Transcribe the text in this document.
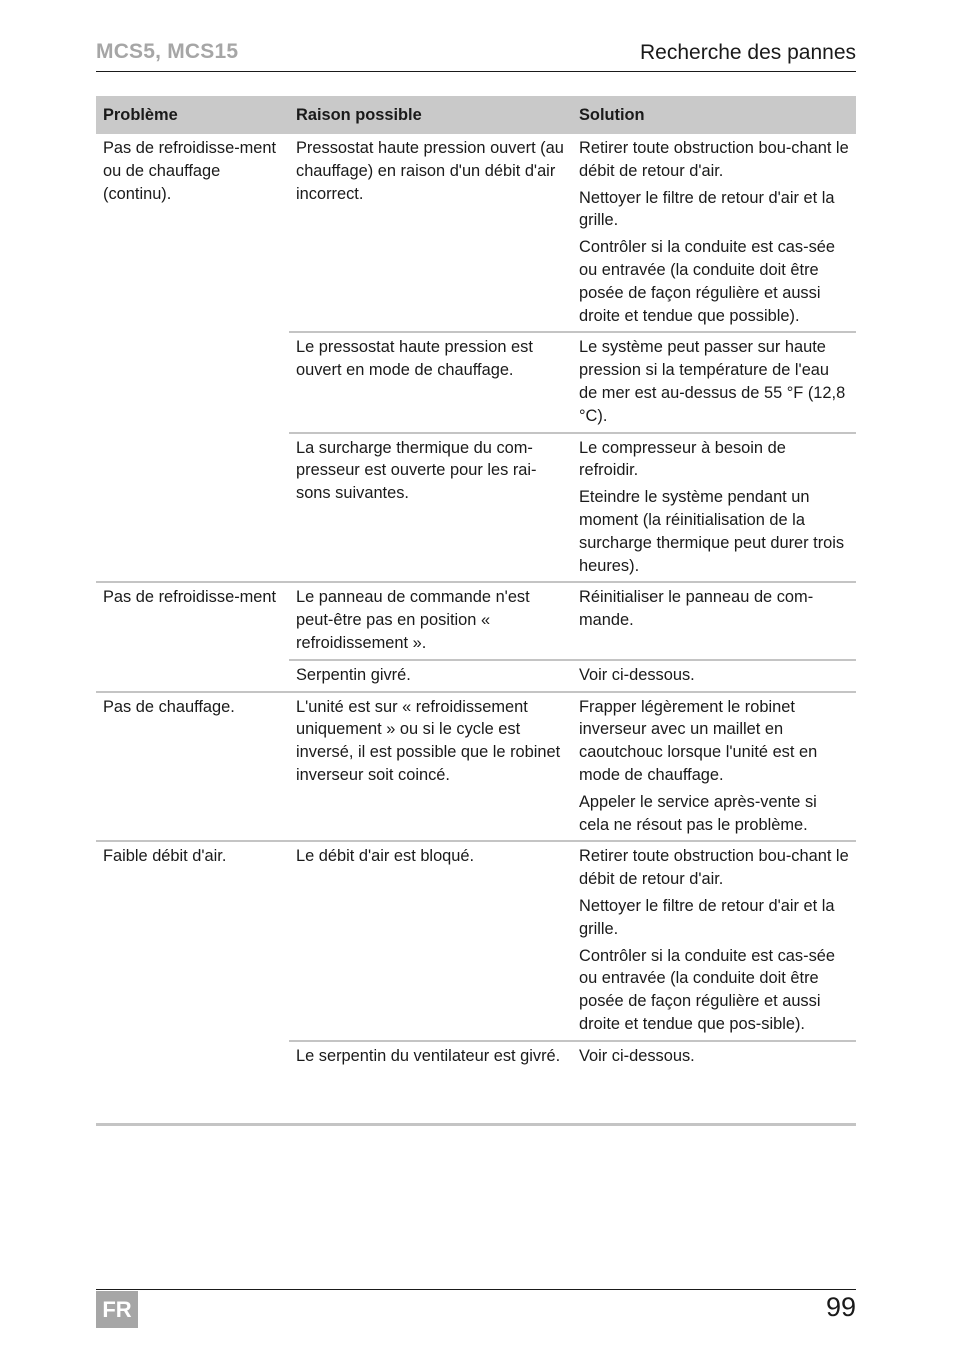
MCS5, MCS15	Recherche des pannes
Problème	Raison possible	Solution
Pas de refroidisse-ment ou de chauffage (continu).	Pressostat haute pression ouvert (au chauffage) en raison d'un débit d'air incorrect.	Retirer toute obstruction bou-chant le débit de retour d'air.

Nettoyer le filtre de retour d'air et la grille.

Contrôler si la conduite est cas-sée ou entravée (la conduite doit être posée de façon régulière et aussi droite et tendue que possible).

	Le pressostat haute pression est ouvert en mode de chauffage.	Le système peut passer sur haute pression si la température de l'eau de mer est au-dessus de 55 °F (12,8 °C).

	La surcharge thermique du com-presseur est ouverte pour les rai-sons suivantes.	Le compresseur à besoin de refroidir.

Eteindre le système pendant un moment (la réinitialisation de la surcharge thermique peut durer trois heures).

Pas de refroidisse-ment	Le panneau de commande n'est peut-être pas en position « refroidissement ».	Réinitialiser le panneau de com-mande.

	Serpentin givré.	Voir ci-dessous.

Pas de chauffage.	L'unité est sur « refroidissement uniquement » ou si le cycle est inversé, il est possible que le robinet inverseur soit coincé.	Frapper légèrement le robinet inverseur avec un maillet en caoutchouc lorsque l'unité est en mode de chauffage.

Appeler le service après-vente si cela ne résout pas le problème.

Faible débit d'air.	Le débit d'air est bloqué.	Retirer toute obstruction bou-chant le débit de retour d'air.

Nettoyer le filtre de retour d'air et la grille.

Contrôler si la conduite est cas-sée ou entravée (la conduite doit être posée de façon régulière et aussi droite et tendue que pos-sible).

	Le serpentin du ventilateur est givré.	Voir ci-dessous.

FR	99
